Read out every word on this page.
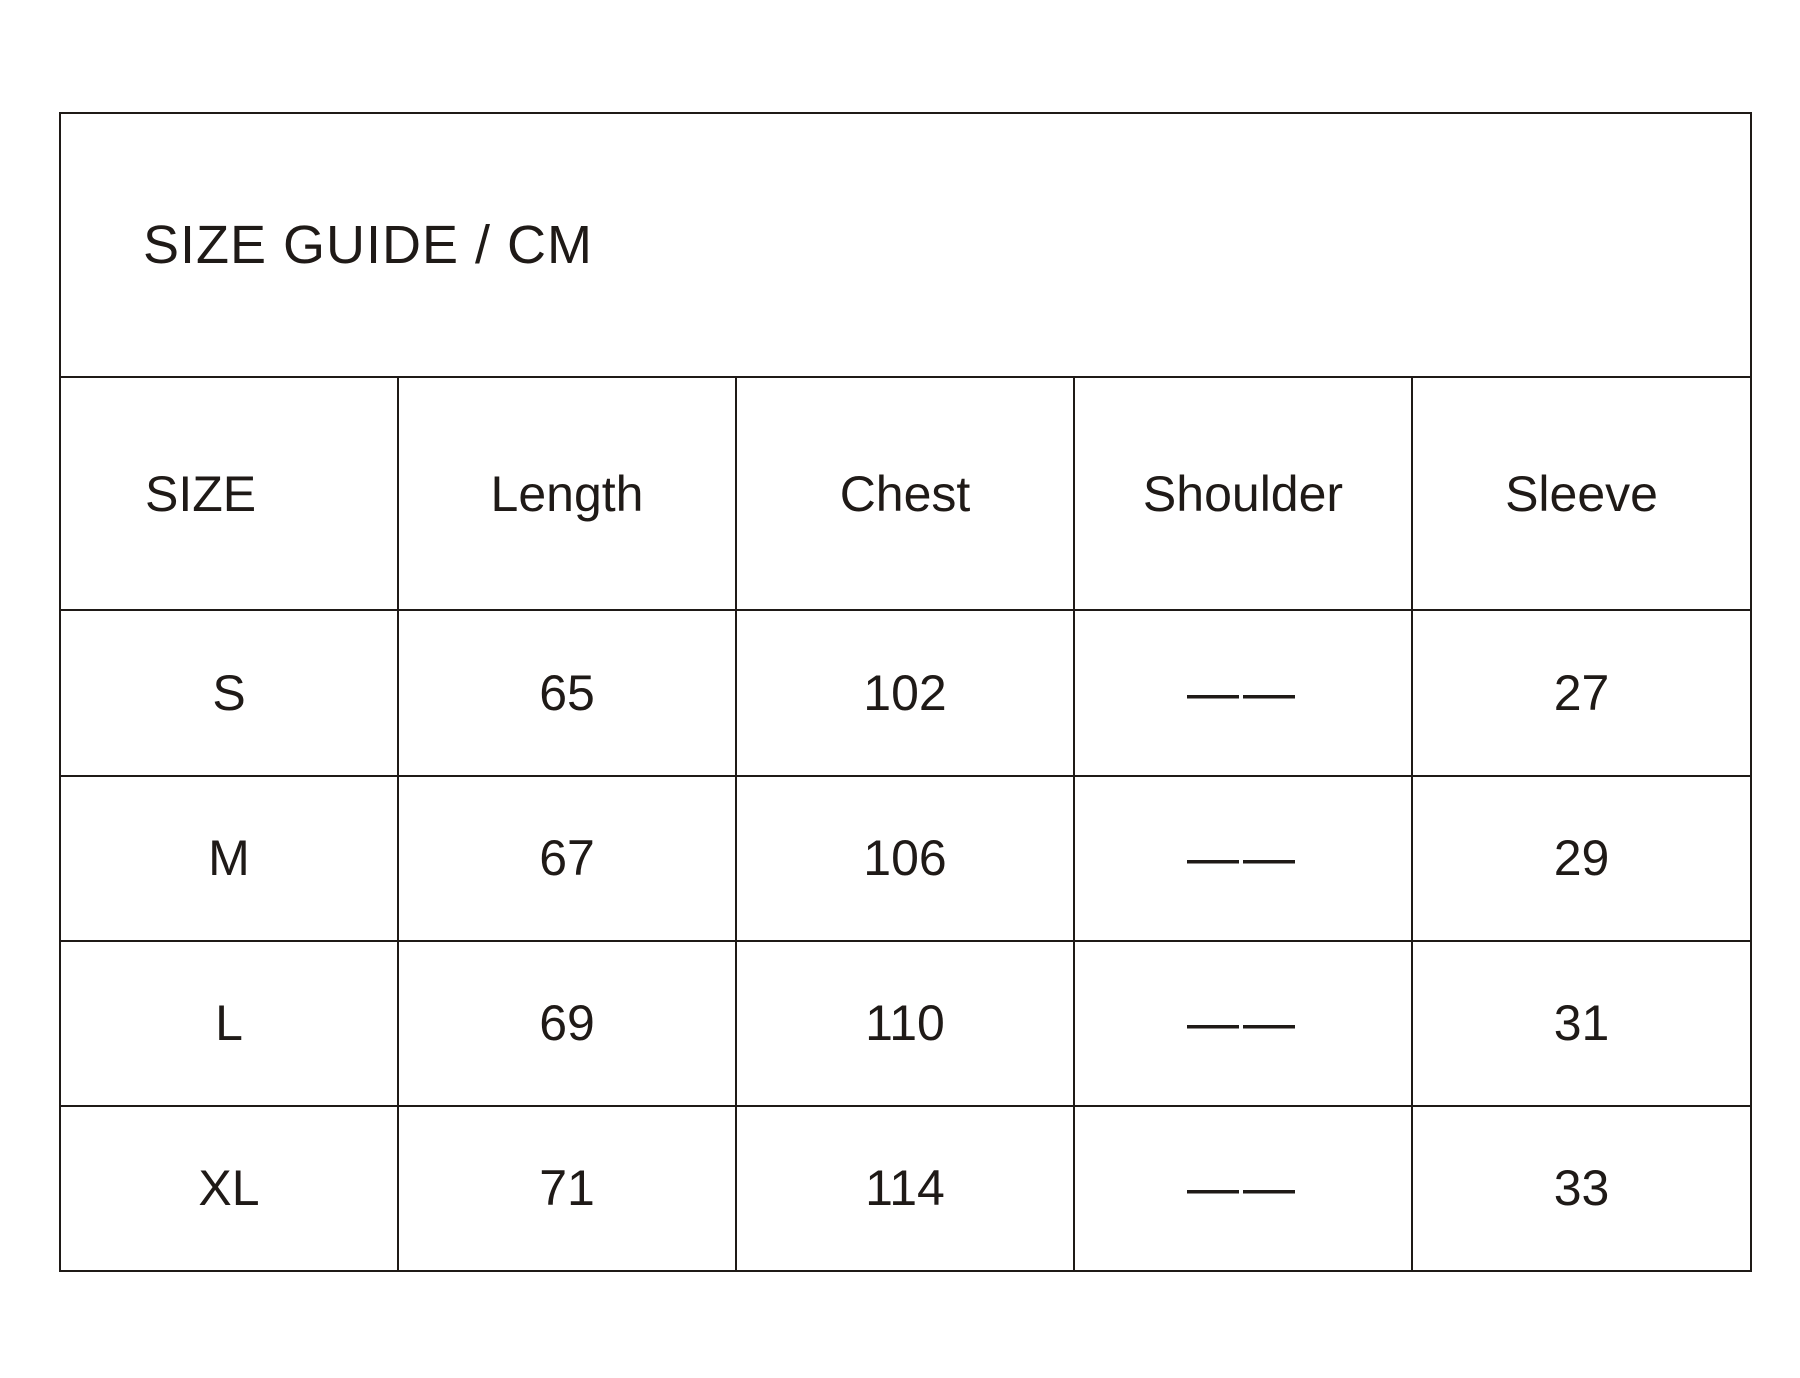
SIZE GUIDE / CM				
SIZE	Length	Chest	Shoulder	Sleeve
S	65	102	——	27
M	67	106	——	29
L	69	110	——	31
XL	71	114	——	33
